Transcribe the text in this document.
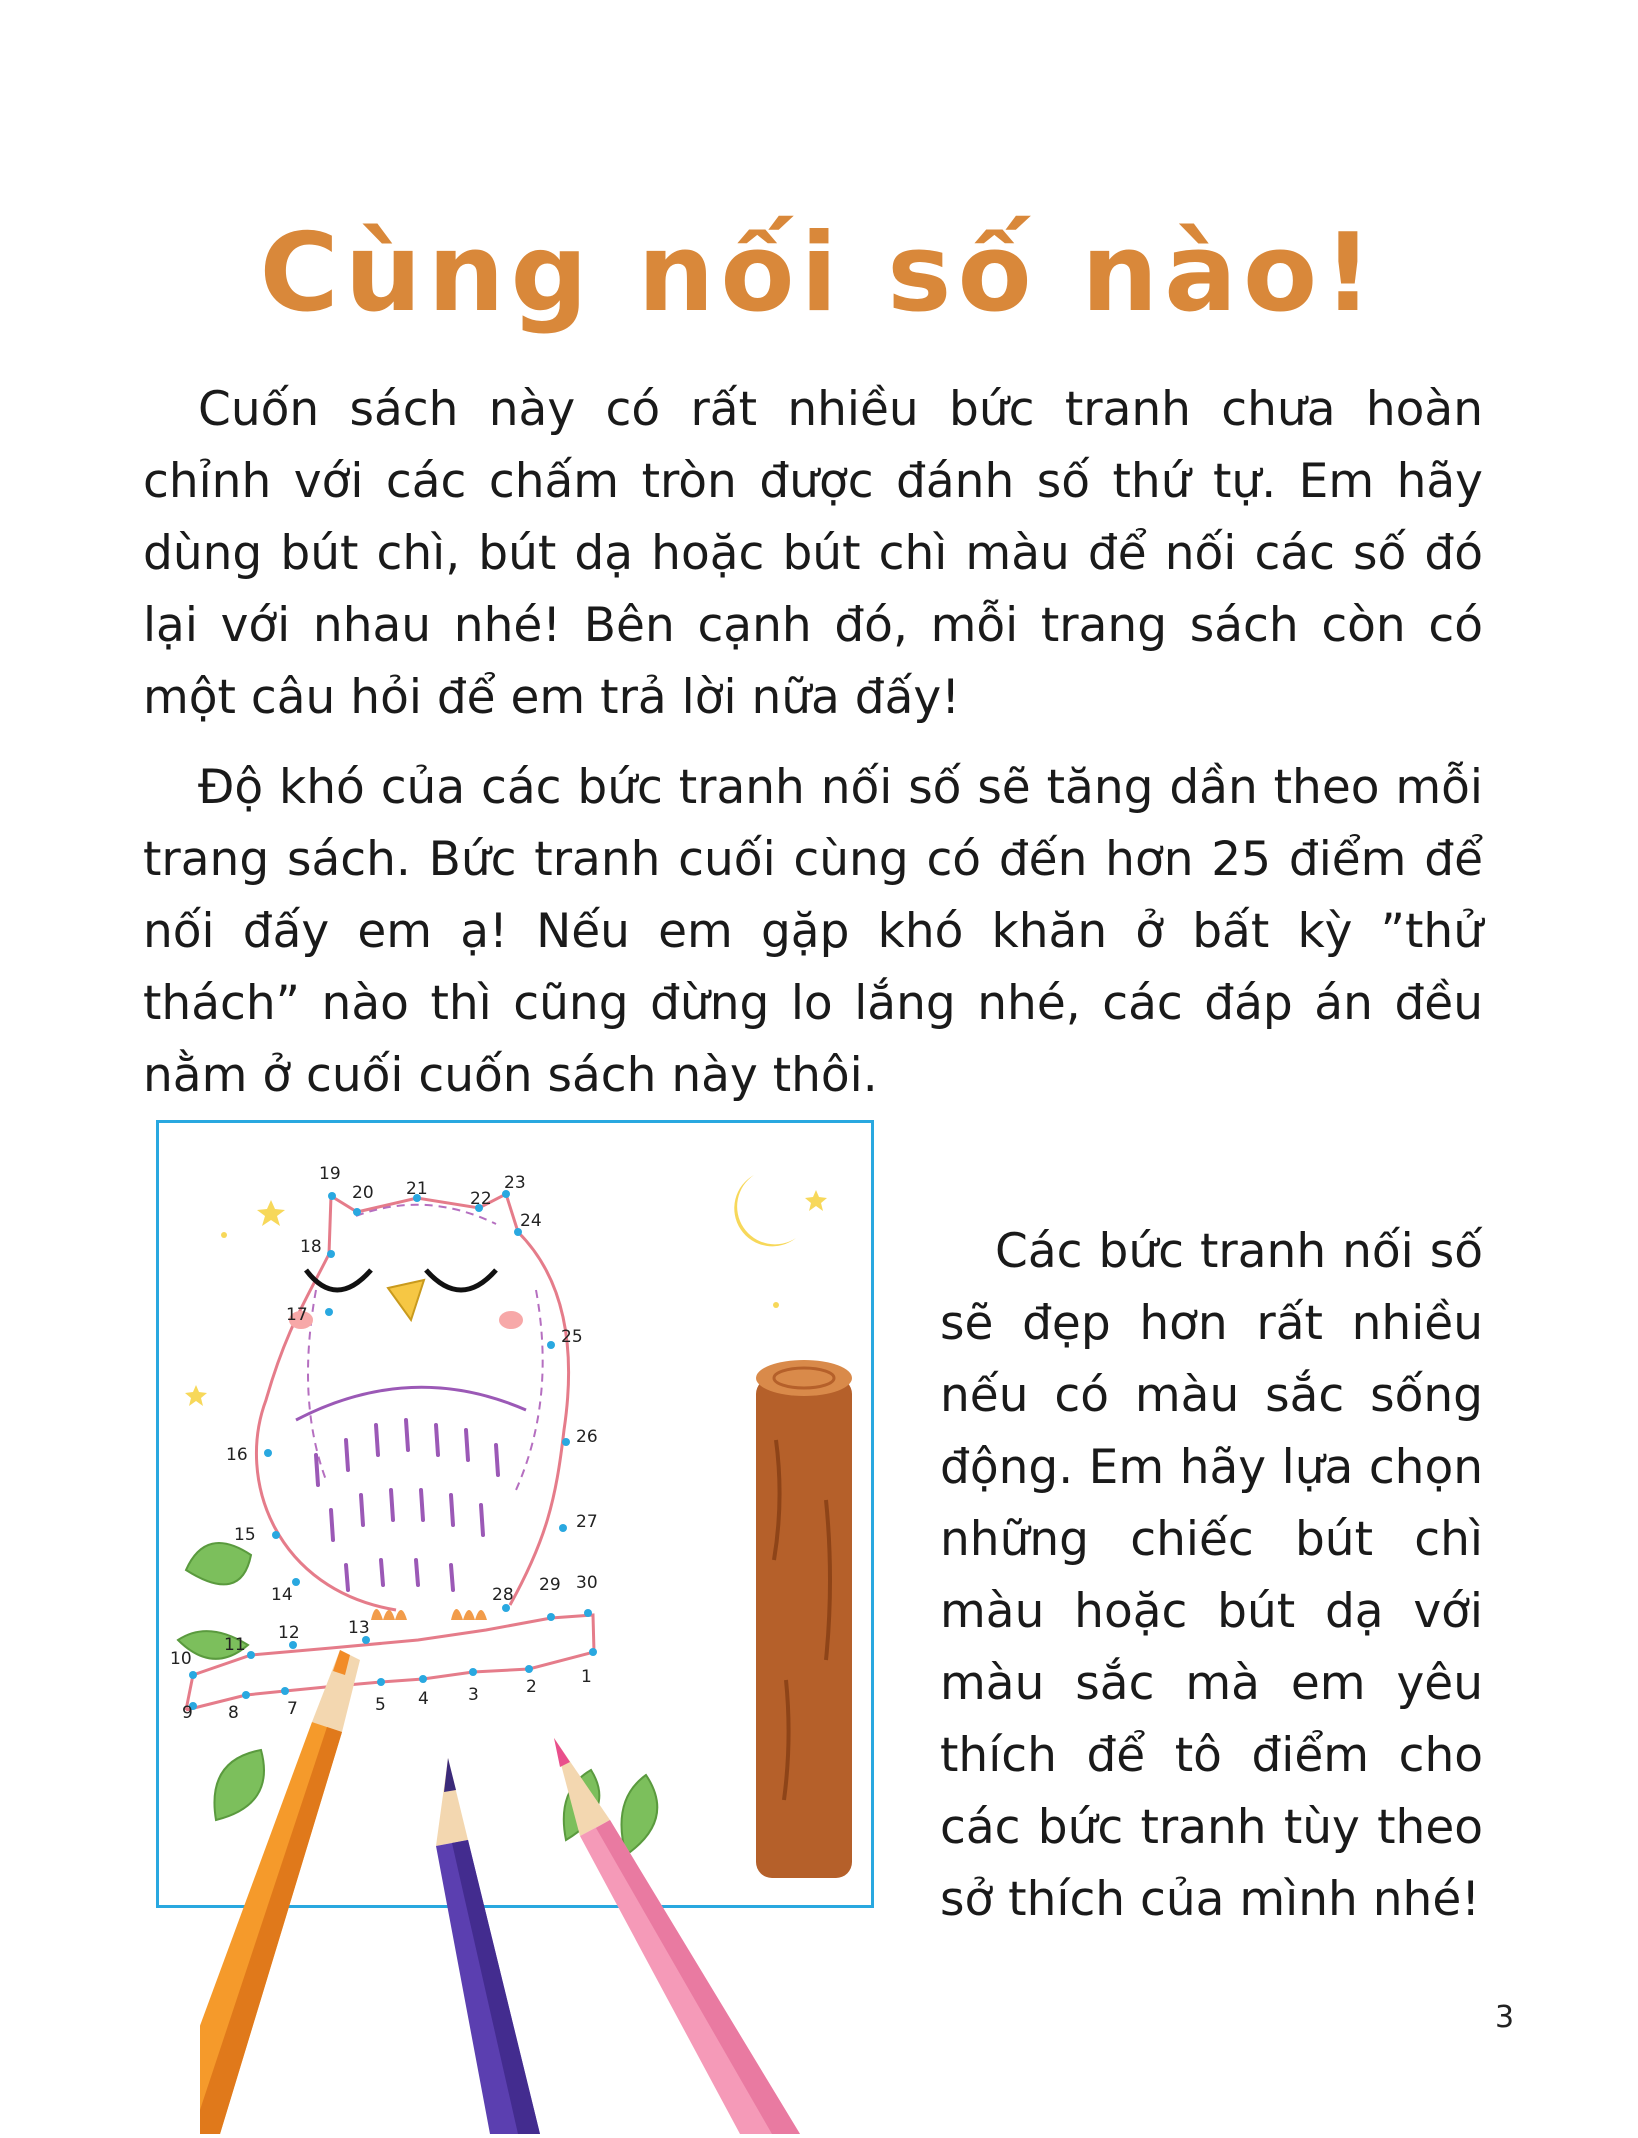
Cùng nối số nào!

Cuốn sách này có rất nhiều bức tranh chưa hoàn chỉnh với các chấm tròn được đánh số thứ tự. Em hãy dùng bút chì, bút dạ hoặc bút chì màu để nối các số đó lại với nhau nhé! Bên cạnh đó, mỗi trang sách còn có một câu hỏi để em trả lời nữa đấy!

Độ khó của các bức tranh nối số sẽ tăng dần theo mỗi trang sách. Bức tranh cuối cùng có đến hơn 25 điểm để nối đấy em ạ! Nếu em gặp khó khăn ở bất kỳ ”thử thách” nào thì cũng đừng lo lắng nhé, các đáp án đều nằm ở cuối cuốn sách này thôi.

Các bức tranh nối số sẽ đẹp hơn rất nhiều nếu có màu sắc sống động. Em hãy lựa chọn những chiếc bút chì màu hoặc bút dạ với màu sắc mà em yêu thích để tô điểm cho các bức tranh tùy theo sở thích của mình nhé!

1
2
3
4
5
7
8
9
10
11
12	13
14
15
16
17
18
19
20 21 22
23
24
25
26
27
28 29 30
3
